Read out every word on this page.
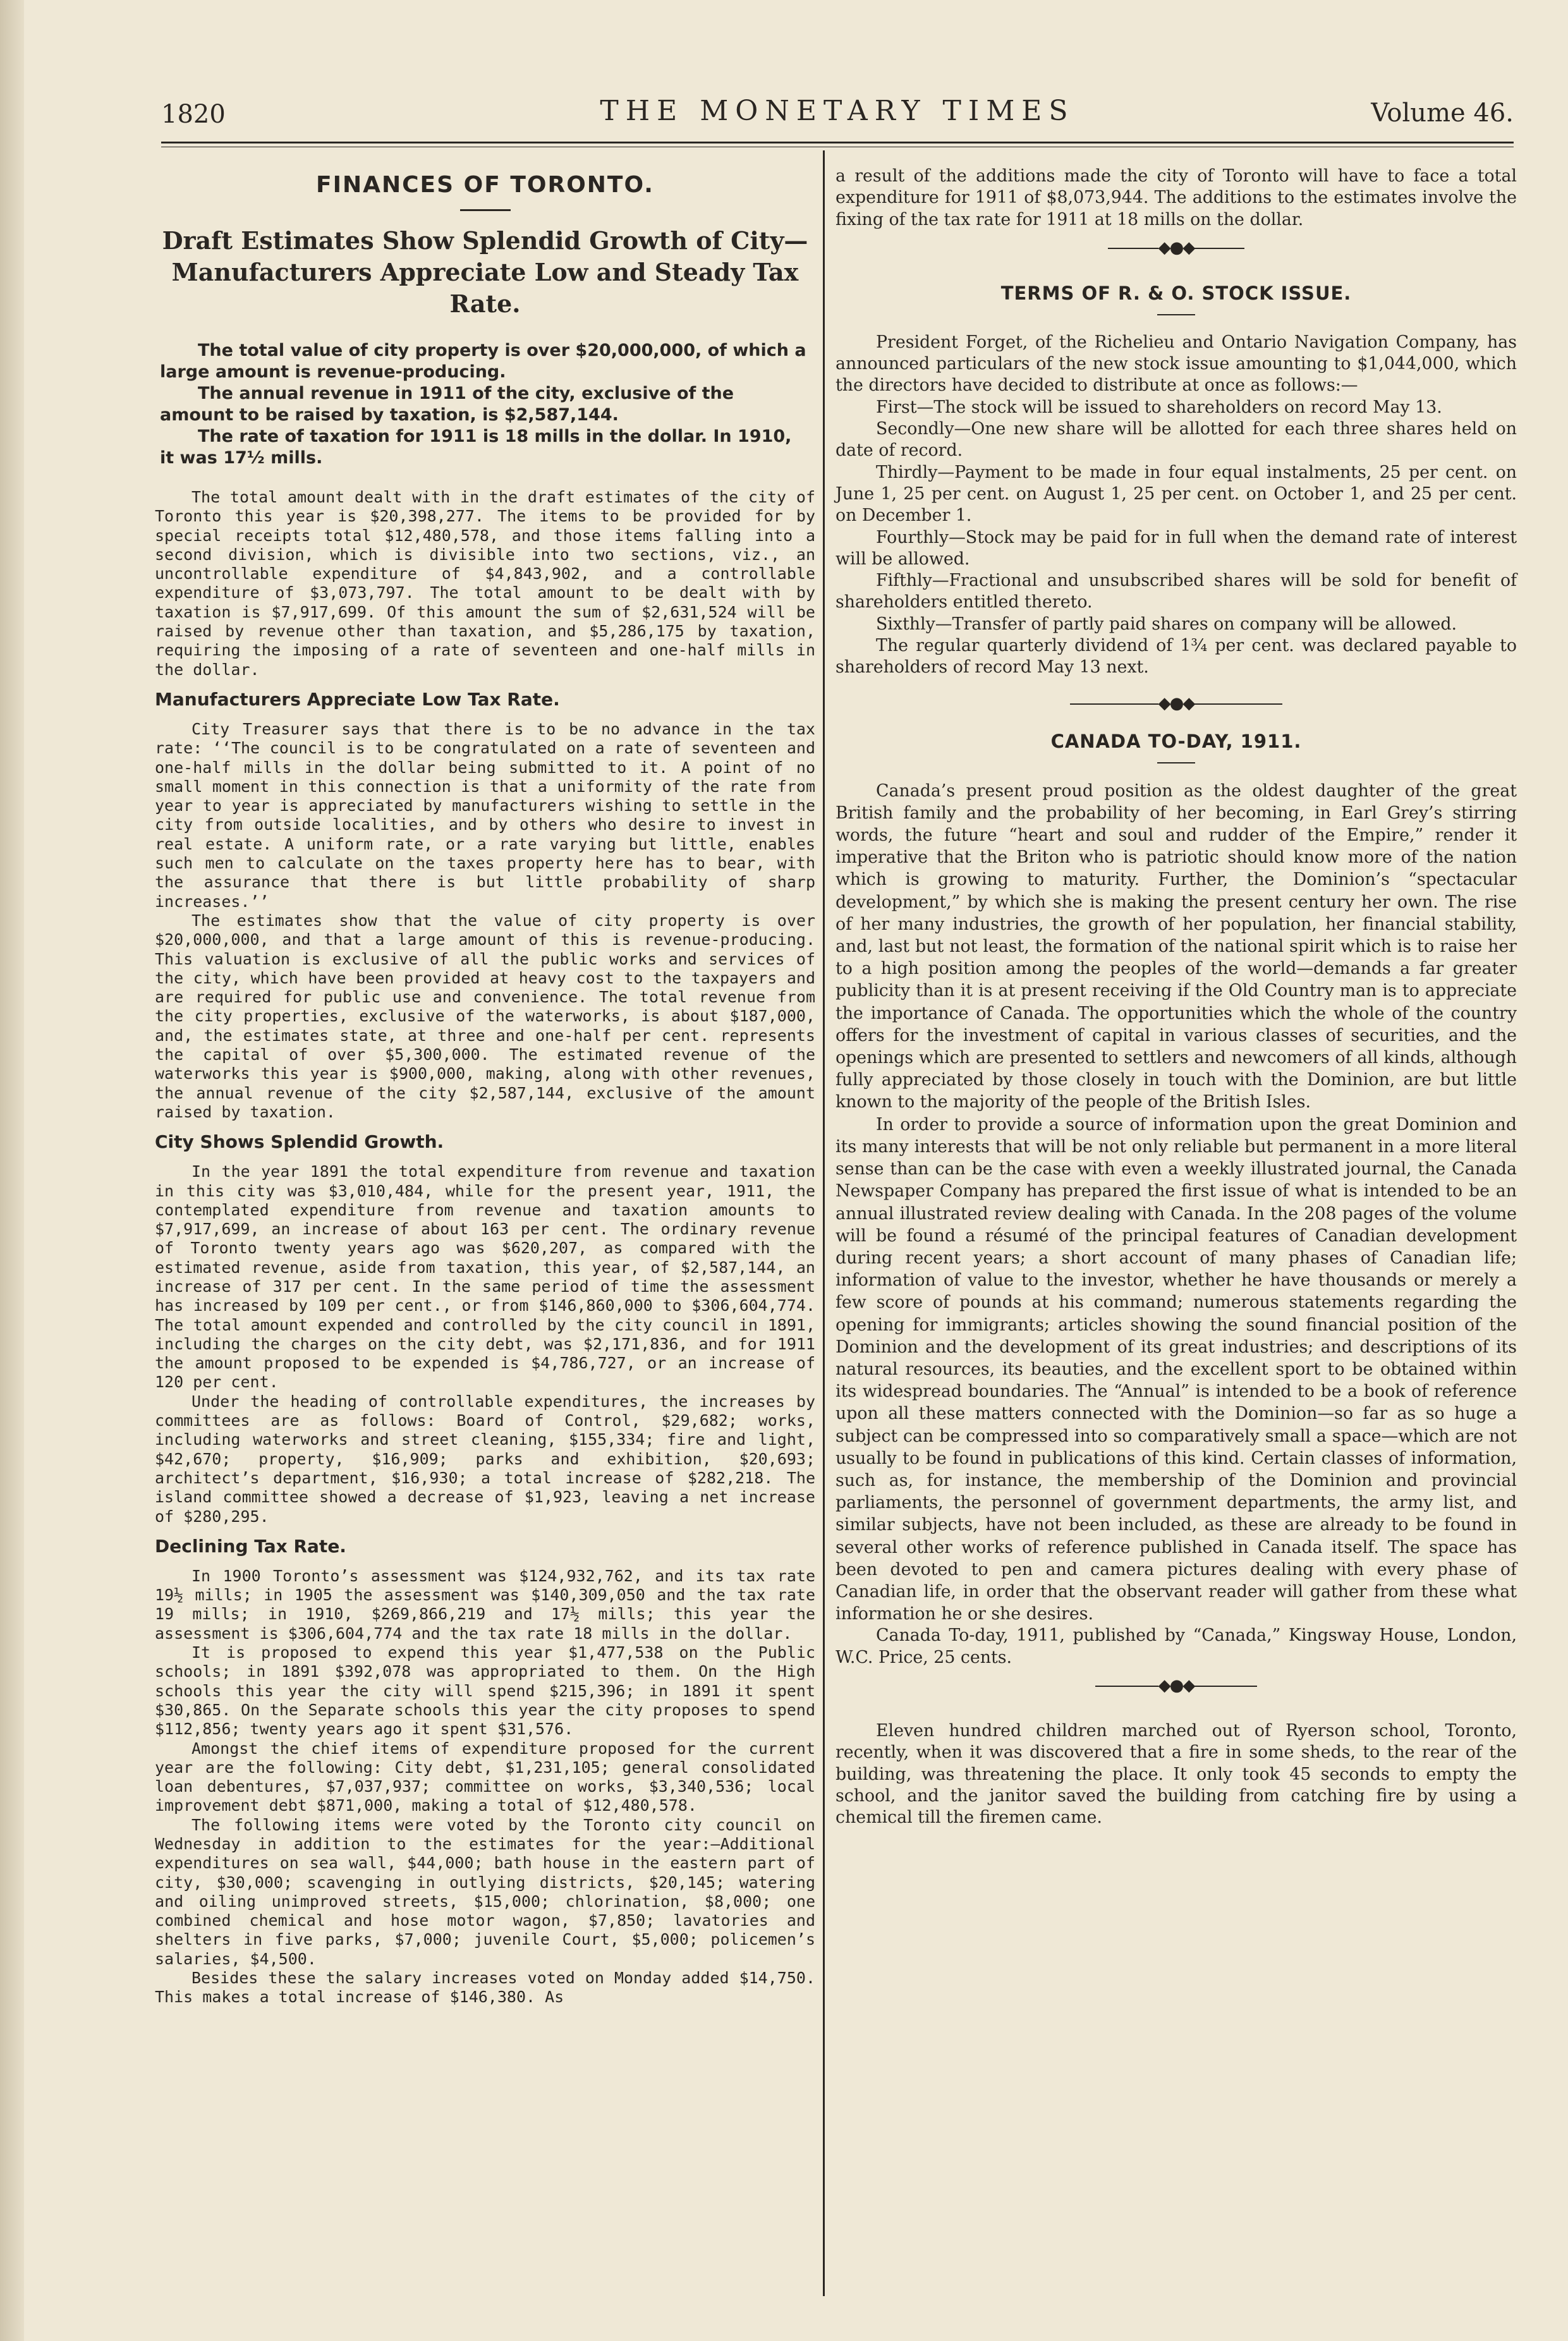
1820	THE MONETARY TIMES	Volume 46.
FINANCES OF TORONTO.
Draft Estimates Show Splendid Growth of City—Manufacturers Appreciate Low and Steady Tax Rate.

The total value of city property is over $20,000,000, of which a large amount is revenue-producing.

The annual revenue in 1911 of the city, exclusive of the amount to be raised by taxation, is $2,587,144.

The rate of taxation for 1911 is 18 mills in the dollar. In 1910, it was 17½ mills.

The total amount dealt with in the draft estimates of the city of Toronto this year is $20,398,277. The items to be provided for by special receipts total $12,480,578, and those items falling into a second division, which is divisible into two sections, viz., an uncontrollable expenditure of $4,843,902, and a controllable expenditure of $3,073,797. The total amount to be dealt with by taxation is $7,917,699. Of this amount the sum of $2,631,524 will be raised by revenue other than taxation, and $5,286,175 by taxation, requiring the imposing of a rate of seventeen and one-half mills in the dollar.

Manufacturers Appreciate Low Tax Rate.

City Treasurer says that there is to be no advance in the tax rate: ‘‘The council is to be congratulated on a rate of seventeen and one-half mills in the dollar being submitted to it. A point of no small moment in this connection is that a uniformity of the rate from year to year is appreciated by manufacturers wishing to settle in the city from outside localities, and by others who desire to invest in real estate. A uniform rate, or a rate varying but little, enables such men to calculate on the taxes property here has to bear, with the assurance that there is but little probability of sharp increases.’’

The estimates show that the value of city property is over $20,000,000, and that a large amount of this is revenue-producing. This valuation is exclusive of all the public works and services of the city, which have been provided at heavy cost to the taxpayers and are required for public use and convenience. The total revenue from the city properties, exclusive of the waterworks, is about $187,000, and, the estimates state, at three and one-half per cent. represents the capital of over $5,300,000. The estimated revenue of the waterworks this year is $900,000, making, along with other revenues, the annual revenue of the city $2,587,144, exclusive of the amount raised by taxation.

City Shows Splendid Growth.

In the year 1891 the total expenditure from revenue and taxation in this city was $3,010,484, while for the present year, 1911, the contemplated expenditure from revenue and taxation amounts to $7,917,699, an increase of about 163 per cent. The ordinary revenue of Toronto twenty years ago was $620,207, as compared with the estimated revenue, aside from taxation, this year, of $2,587,144, an increase of 317 per cent. In the same period of time the assessment has increased by 109 per cent., or from $146,860,000 to $306,604,774. The total amount expended and controlled by the city council in 1891, including the charges on the city debt, was $2,171,836, and for 1911 the amount proposed to be expended is $4,786,727, or an increase of 120 per cent.

Under the heading of controllable expenditures, the increases by committees are as follows: Board of Control, $29,682; works, including waterworks and street cleaning, $155,334; fire and light, $42,670; property, $16,909; parks and exhibition, $20,693; architect’s department, $16,930; a total increase of $282,218. The island committee showed a decrease of $1,923, leaving a net increase of $280,295.

Declining Tax Rate.

In 1900 Toronto’s assessment was $124,932,762, and its tax rate 19½ mills; in 1905 the assessment was $140,309,050 and the tax rate 19 mills; in 1910, $269,866,219 and 17½ mills; this year the assessment is $306,604,774 and the tax rate 18 mills in the dollar.

It is proposed to expend this year $1,477,538 on the Public schools; in 1891 $392,078 was appropriated to them. On the High schools this year the city will spend $215,396; in 1891 it spent $30,865. On the Separate schools this year the city proposes to spend $112,856; twenty years ago it spent $31,576.

Amongst the chief items of expenditure proposed for the current year are the following: City debt, $1,231,105; general consolidated loan debentures, $7,037,937; committee on works, $3,340,536; local improvement debt $871,000, making a total of $12,480,578.

The following items were voted by the Toronto city council on Wednesday in addition to the estimates for the year:—Additional expenditures on sea wall, $44,000; bath house in the eastern part of city, $30,000; scavenging in outlying districts, $20,145; watering and oiling unimproved streets, $15,000; chlorination, $8,000; one combined chemical and hose motor wagon, $7,850; lavatories and shelters in five parks, $7,000; juvenile Court, $5,000; policemen’s salaries, $4,500.

Besides these the salary increases voted on Monday added $14,750. This makes a total increase of $146,380. As

a result of the additions made the city of Toronto will have to face a total expenditure for 1911 of $8,073,944. The additions to the estimates involve the fixing of the tax rate for 1911 at 18 mills on the dollar.

◆●◆
TERMS OF R. & O. STOCK ISSUE.

President Forget, of the Richelieu and Ontario Navigation Company, has announced particulars of the new stock issue amounting to $1,044,000, which the directors have decided to distribute at once as follows:—

First—The stock will be issued to shareholders on record May 13.

Secondly—One new share will be allotted for each three shares held on date of record.

Thirdly—Payment to be made in four equal instalments, 25 per cent. on June 1, 25 per cent. on August 1, 25 per cent. on October 1, and 25 per cent. on December 1.

Fourthly—Stock may be paid for in full when the demand rate of interest will be allowed.

Fifthly—Fractional and unsubscribed shares will be sold for benefit of shareholders entitled thereto.

Sixthly—Transfer of partly paid shares on company will be allowed.

The regular quarterly dividend of 1¾ per cent. was declared payable to shareholders of record May 13 next.

◆●◆
CANADA TO-DAY, 1911.

Canada’s present proud position as the oldest daughter of the great British family and the probability of her becoming, in Earl Grey’s stirring words, the future “heart and soul and rudder of the Empire,” render it imperative that the Briton who is patriotic should know more of the nation which is growing to maturity. Further, the Dominion’s “spectacular development,” by which she is making the present century her own. The rise of her many industries, the growth of her population, her financial stability, and, last but not least, the formation of the national spirit which is to raise her to a high position among the peoples of the world—demands a far greater publicity than it is at present receiving if the Old Country man is to appreciate the importance of Canada. The opportunities which the whole of the country offers for the investment of capital in various classes of securities, and the openings which are presented to settlers and newcomers of all kinds, although fully appreciated by those closely in touch with the Dominion, are but little known to the majority of the people of the British Isles.

In order to provide a source of information upon the great Dominion and its many interests that will be not only reliable but permanent in a more literal sense than can be the case with even a weekly illustrated journal, the Canada Newspaper Company has prepared the first issue of what is intended to be an annual illustrated review dealing with Canada. In the 208 pages of the volume will be found a résumé of the principal features of Canadian development during recent years; a short account of many phases of Canadian life; information of value to the investor, whether he have thousands or merely a few score of pounds at his command; numerous statements regarding the opening for immigrants; articles showing the sound financial position of the Dominion and the development of its great industries; and descriptions of its natural resources, its beauties, and the excellent sport to be obtained within its widespread boundaries. The “Annual” is intended to be a book of reference upon all these matters connected with the Dominion—so far as so huge a subject can be compressed into so comparatively small a space—which are not usually to be found in publications of this kind. Certain classes of information, such as, for instance, the membership of the Dominion and provincial parliaments, the personnel of government departments, the army list, and similar subjects, have not been included, as these are already to be found in several other works of reference published in Canada itself. The space has been devoted to pen and camera pictures dealing with every phase of Canadian life, in order that the observant reader will gather from these what information he or she desires.

Canada To-day, 1911, published by “Canada,” Kingsway House, London, W.C. Price, 25 cents.

◆●◆

Eleven hundred children marched out of Ryerson school, Toronto, recently, when it was discovered that a fire in some sheds, to the rear of the building, was threatening the place. It only took 45 seconds to empty the school, and the janitor saved the building from catching fire by using a chemical till the firemen came.
